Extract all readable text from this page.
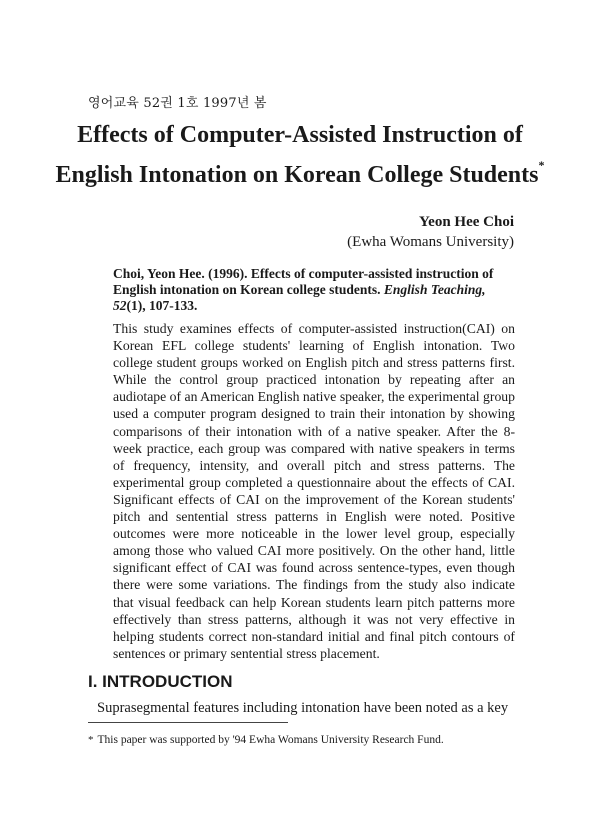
영어교육 52권 1호 1997년 봄
Effects of Computer-Assisted Instruction of
English Intonation on Korean College Students*
Yeon Hee Choi
(Ewha Womans University)
Choi, Yeon Hee. (1996). Effects of computer-assisted instruction of English intonation on Korean college students. English Teaching, 52(1), 107-133.
This study examines effects of computer-assisted instruction(CAI) on Korean EFL college students' learning of English intonation. Two college student groups worked on English pitch and stress patterns first. While the control group practiced intonation by repeating after an audiotape of an American English native speaker, the experimental group used a computer program designed to train their intonation by showing comparisons of their intonation with of a native speaker. After the 8-week practice, each group was compared with native speakers in terms of frequency, intensity, and overall pitch and stress patterns. The experimental group completed a questionnaire about the effects of CAI. Significant effects of CAI on the improvement of the Korean students' pitch and sentential stress patterns in English were noted. Positive outcomes were more noticeable in the lower level group, especially among those who valued CAI more positively. On the other hand, little significant effect of CAI was found across sentence-types, even though there were some variations. The findings from the study also indicate that visual feedback can help Korean students learn pitch patterns more effectively than stress patterns, although it was not very effective in helping students correct non-standard initial and final pitch contours of sentences or primary sentential stress placement.
I. INTRODUCTION
Suprasegmental features including intonation have been noted as a key
* This paper was supported by '94 Ewha Womans University Research Fund.
